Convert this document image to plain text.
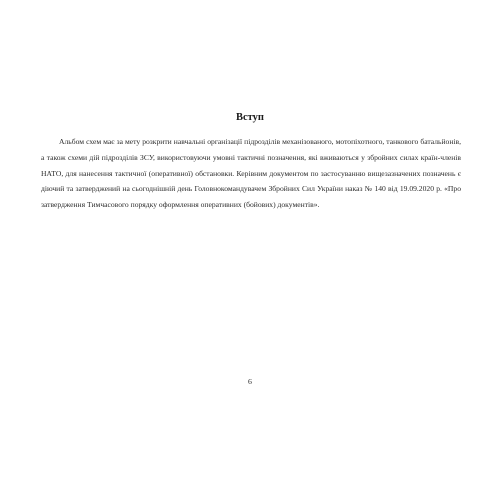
Вступ

Альбом схем має за мету розкрити навчальні організації підрозділів механізованого, мотопіхотного, танкового батальйонів, а також схеми дій підрозділів ЗСУ, використовуючи умовні тактичні позначення, які вживаються у збройних силах країн-членів НАТО, для нанесення тактичної (оперативної) обстановки. Керівним документом по застосуванню вищезазначених позначень є діючий та затверджений на сьогоднішній день Головнокомандувачем Збройних Сил України наказ № 140 від 19.09.2020 р. «Про затвердження Тимчасового порядку оформлення оперативних (бойових) документів».

6
